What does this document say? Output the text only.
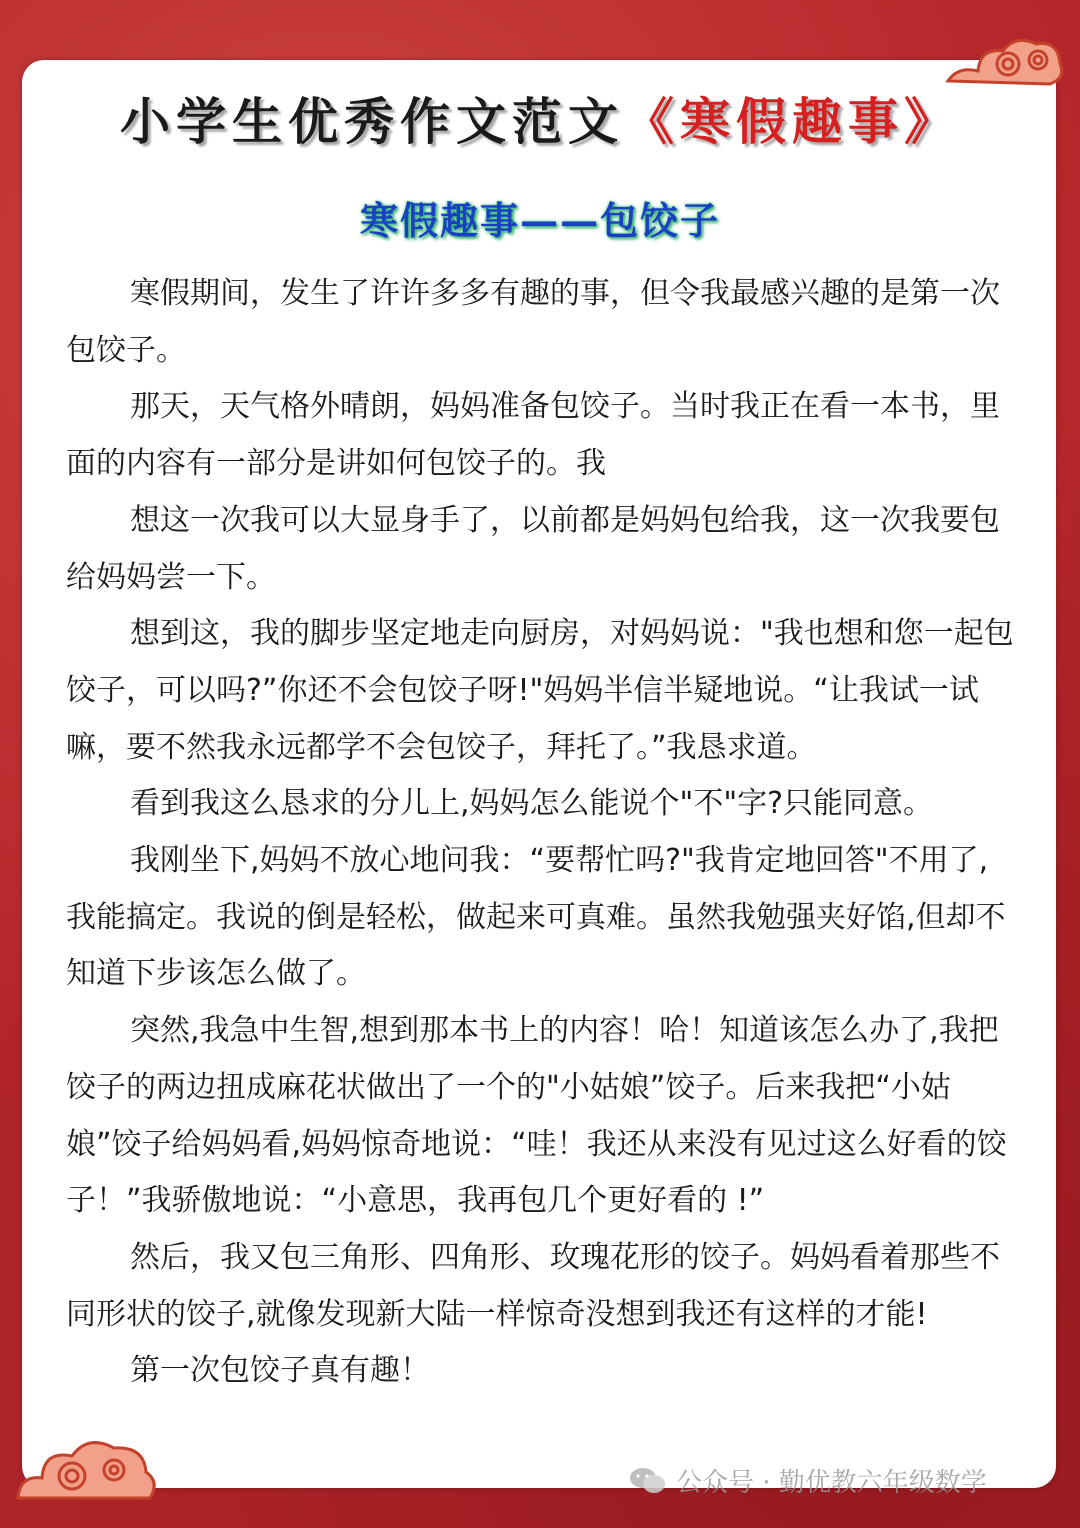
小学生优秀作文范文《寒假趣事》
寒假趣事——包饺子

寒假期间，发生了许许多多有趣的事，但令我最感兴趣的是第一次包饺子。

那天，天气格外晴朗，妈妈准备包饺子。当时我正在看一本书，里面的内容有一部分是讲如何包饺子的。我

想这一次我可以大显身手了，以前都是妈妈包给我，这一次我要包给妈妈尝一下。

想到这，我的脚步坚定地走向厨房，对妈妈说："我也想和您一起包饺子，可以吗?”你还不会包饺子呀!"妈妈半信半疑地说。“让我试一试嘛，要不然我永远都学不会包饺子，拜托了。”我恳求道。

看到我这么恳求的分儿上,妈妈怎么能说个"不"字?只能同意。

我刚坐下,妈妈不放心地问我：“要帮忙吗?"我肯定地回答"不用了,我能搞定。我说的倒是轻松，做起来可真难。虽然我勉强夹好馅,但却不知道下步该怎么做了。

突然,我急中生智,想到那本书上的内容！哈！知道该怎么办了,我把饺子的两边扭成麻花状做出了一个的"小姑娘”饺子。后来我把“小姑娘”饺子给妈妈看,妈妈惊奇地说：“哇！我还从来没有见过这么好看的饺子！”我骄傲地说：“小意思，我再包几个更好看的 !”

然后，我又包三角形、四角形、玫瑰花形的饺子。妈妈看着那些不同形状的饺子,就像发现新大陆一样惊奇没想到我还有这样的才能!

第一次包饺子真有趣！

公众号 · 勤优教六年级数学
